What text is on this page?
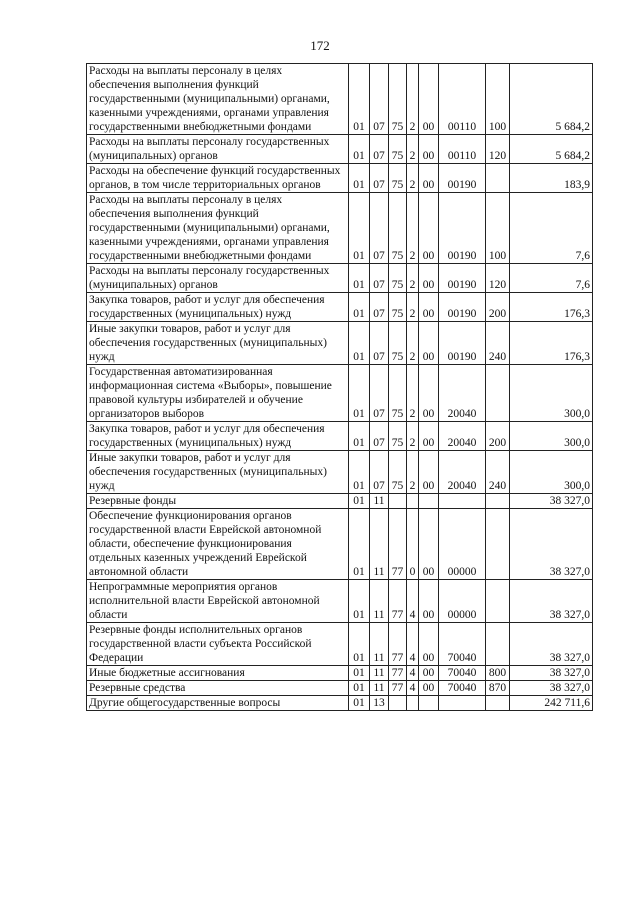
172
Расходы на выплаты персоналу в целях обеспечения выполнения функций государственными (муниципальными) органами, казенными учреждениями, органами управления государственными внебюджетными фондами	01	07	75	2	00	00110	100	5 684,2
Расходы на выплаты персоналу государственных (муниципальных) органов	01	07	75	2	00	00110	120	5 684,2
Расходы на обеспечение функций государственных органов, в том числе территориальных органов	01	07	75	2	00	00190		183,9
Расходы на выплаты персоналу в целях обеспечения выполнения функций государственными (муниципальными) органами, казенными учреждениями, органами управления государственными внебюджетными фондами	01	07	75	2	00	00190	100	7,6
Расходы на выплаты персоналу государственных (муниципальных) органов	01	07	75	2	00	00190	120	7,6
Закупка товаров, работ и услуг для обеспечения государственных (муниципальных) нужд	01	07	75	2	00	00190	200	176,3
Иные закупки товаров, работ и услуг для обеспечения государственных (муниципальных) нужд	01	07	75	2	00	00190	240	176,3
Государственная автоматизированная информационная система «Выборы», повышение правовой культуры избирателей и обучение организаторов выборов	01	07	75	2	00	20040		300,0
Закупка товаров, работ и услуг для обеспечения государственных (муниципальных) нужд	01	07	75	2	00	20040	200	300,0
Иные закупки товаров, работ и услуг для обеспечения государственных (муниципальных) нужд	01	07	75	2	00	20040	240	300,0
Резервные фонды	01	11						38 327,0
Обеспечение функционирования органов государственной власти Еврейской автономной области, обеспечение функционирования отдельных казенных учреждений Еврейской автономной области	01	11	77	0	00	00000		38 327,0
Непрограммные мероприятия органов исполнительной власти Еврейской автономной области	01	11	77	4	00	00000		38 327,0
Резервные фонды исполнительных органов государственной власти субъекта Российской Федерации	01	11	77	4	00	70040		38 327,0
Иные бюджетные ассигнования	01	11	77	4	00	70040	800	38 327,0
Резервные средства	01	11	77	4	00	70040	870	38 327,0
Другие общегосударственные вопросы	01	13						242 711,6
